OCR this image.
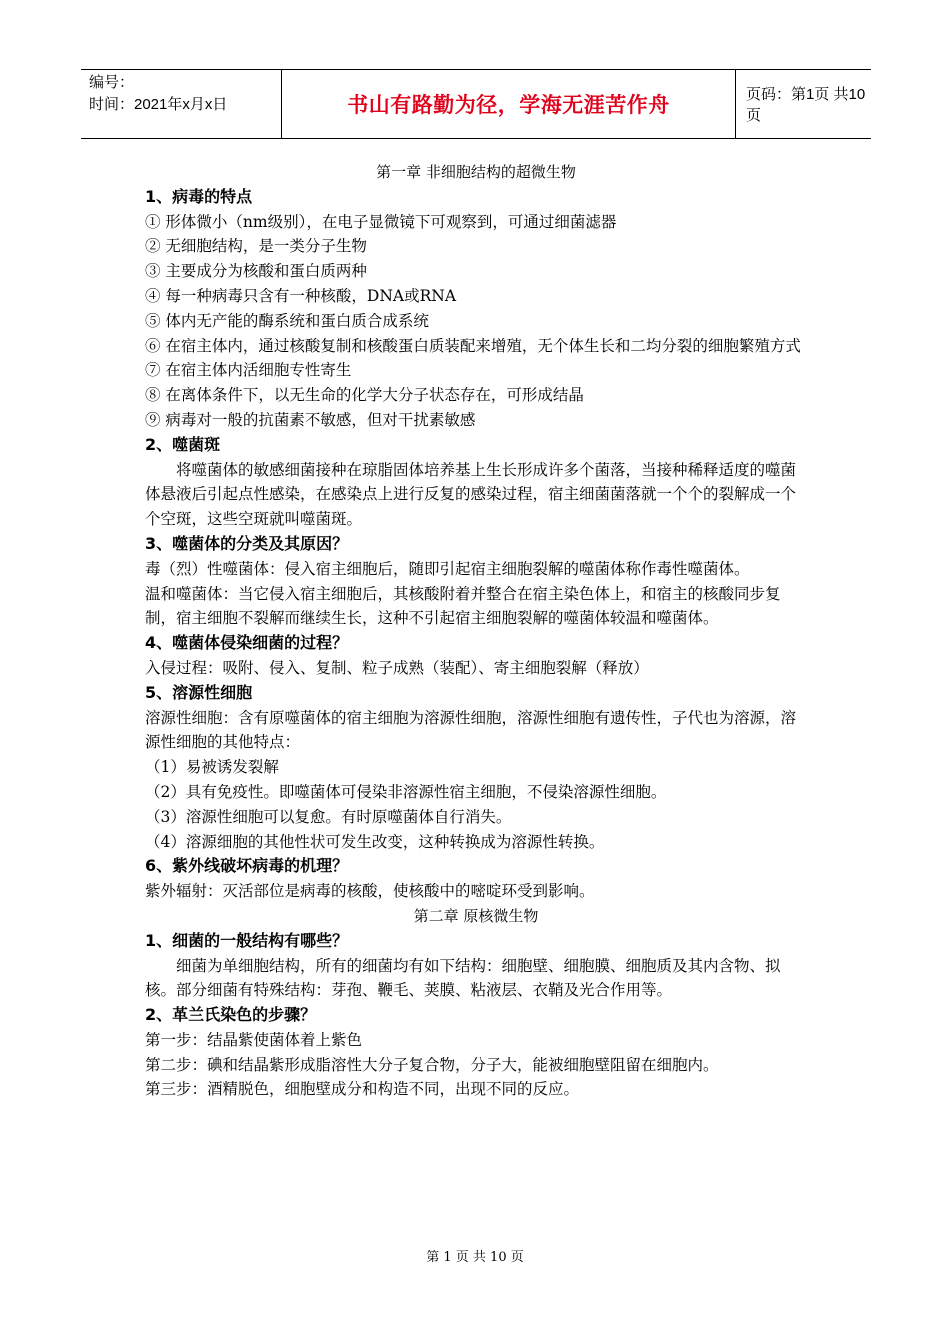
编号：
时间：2021年x月x日	书山有路勤为径，学海无涯苦作舟	页码：第1页 共10页

第一章 非细胞结构的超微生物

1、病毒的特点

① 形体微小（nm级别），在电子显微镜下可观察到，可通过细菌滤器

② 无细胞结构，是一类分子生物

③ 主要成分为核酸和蛋白质两种

④ 每一种病毒只含有一种核酸，DNA或RNA

⑤ 体内无产能的酶系统和蛋白质合成系统

⑥ 在宿主体内，通过核酸复制和核酸蛋白质装配来增殖，无个体生长和二均分裂的细胞繁殖方式

⑦ 在宿主体内活细胞专性寄生

⑧ 在离体条件下，以无生命的化学大分子状态存在，可形成结晶

⑨ 病毒对一般的抗菌素不敏感，但对干扰素敏感

2、噬菌斑

将噬菌体的敏感细菌接种在琼脂固体培养基上生长形成许多个菌落，当接种稀释适度的噬菌体悬液后引起点性感染，在感染点上进行反复的感染过程，宿主细菌菌落就一个个的裂解成一个个空斑，这些空斑就叫噬菌斑。

3、噬菌体的分类及其原因？

毒（烈）性噬菌体：侵入宿主细胞后，随即引起宿主细胞裂解的噬菌体称作毒性噬菌体。

温和噬菌体：当它侵入宿主细胞后，其核酸附着并整合在宿主染色体上，和宿主的核酸同步复制，宿主细胞不裂解而继续生长，这种不引起宿主细胞裂解的噬菌体较温和噬菌体。

4、噬菌体侵染细菌的过程？

入侵过程：吸附、侵入、复制、粒子成熟（装配）、寄主细胞裂解（释放）

5、溶源性细胞

溶源性细胞：含有原噬菌体的宿主细胞为溶源性细胞，溶源性细胞有遗传性，子代也为溶源，溶源性细胞的其他特点：

（1）易被诱发裂解

（2）具有免疫性。即噬菌体可侵染非溶源性宿主细胞，不侵染溶源性细胞。

（3）溶源性细胞可以复愈。有时原噬菌体自行消失。

（4）溶源细胞的其他性状可发生改变，这种转换成为溶源性转换。

6、紫外线破坏病毒的机理？

紫外辐射：灭活部位是病毒的核酸，使核酸中的嘧啶环受到影响。

第二章 原核微生物

1、细菌的一般结构有哪些？

细菌为单细胞结构，所有的细菌均有如下结构：细胞壁、细胞膜、细胞质及其内含物、拟核。部分细菌有特殊结构：芽孢、鞭毛、荚膜、粘液层、衣鞘及光合作用等。

2、革兰氏染色的步骤？

第一步：结晶紫使菌体着上紫色

第二步：碘和结晶紫形成脂溶性大分子复合物，分子大，能被细胞壁阻留在细胞内。

第三步：酒精脱色，细胞壁成分和构造不同，出现不同的反应。

第 1 页 共 10 页
